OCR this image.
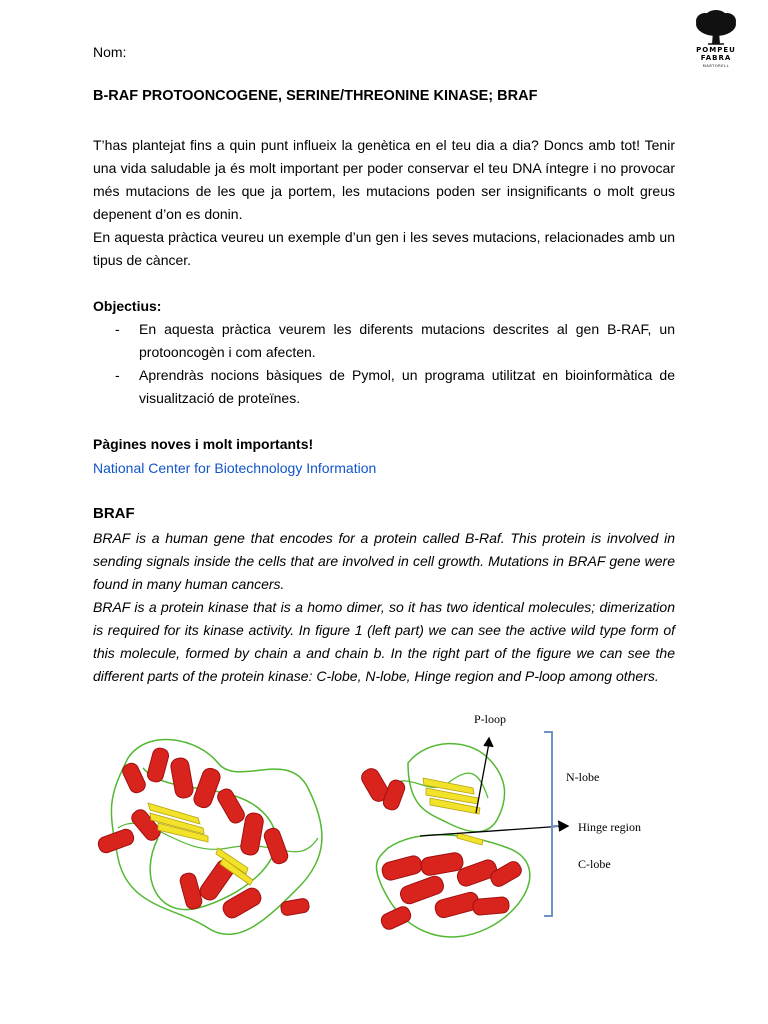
POMPEU
FABRA
MARTORELL
Nom:
B-RAF PROTOONCOGENE, SERINE/THREONINE KINASE; BRAF

T’has plantejat fins a quin punt influeix la genètica en el teu dia a dia? Doncs amb tot! Tenir una vida saludable ja és molt important per poder conservar el teu DNA íntegre i no provocar més mutacions de les que ja portem, les mutacions poden ser insignificants o molt greus depenent d’on es donin.

En aquesta pràctica veureu un exemple d’un gen i les seves mutacions, relacionades amb un tipus de càncer.

Objectius:
- En aquesta pràctica veurem les diferents mutacions descrites al gen B-RAF, un protooncogèn i com afecten.
- Aprendràs nocions bàsiques de Pymol, un programa utilitzat en bioinformàtica de visualització de proteïnes.
Pàgines noves i molt importants!
National Center for Biotechnology Information
BRAF

BRAF is a human gene that encodes for a protein called B-Raf. This protein is involved in sending signals inside the cells that are involved in cell growth. Mutations in BRAF gene were found in many human cancers.

BRAF is a protein kinase that is a homo dimer, so it has two identical molecules; dimerization is required for its kinase activity. In figure 1 (left part) we can see the active wild type form of this molecule, formed by chain a and chain b. In the right part of the figure we can see the different parts of the protein kinase: C-lobe, N-lobe, Hinge region and P-loop among others.

P-loop
N-lobe
Hinge region
C-lobe
